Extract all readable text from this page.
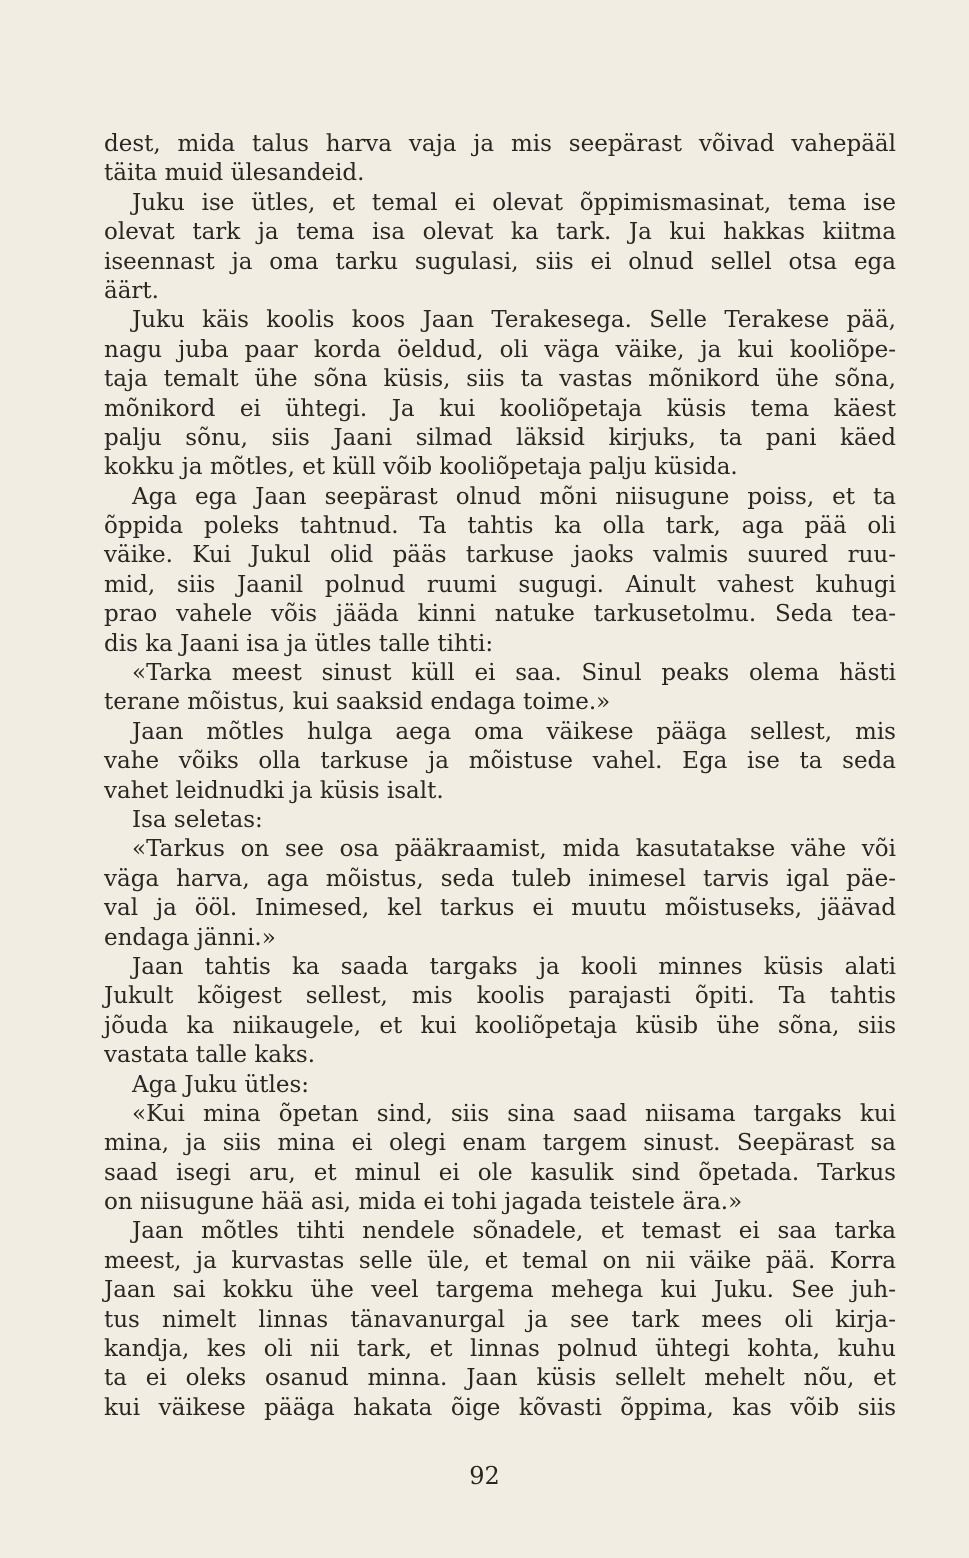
dest, mida talus harva vaja ja mis seepärast võivad vahepääl
täita muid ülesandeid.
Juku ise ütles, et temal ei olevat õppimismasinat, tema ise
olevat tark ja tema isa olevat ka tark. Ja kui hakkas kiitma
iseennast ja oma tarku sugulasi, siis ei olnud sellel otsa ega
äärt.
Juku käis koolis koos Jaan Terakesega. Selle Terakese pää,
nagu juba paar korda öeldud, oli väga väike, ja kui kooliõpe-
taja temalt ühe sõna küsis, siis ta vastas mõnikord ühe sõna,
mõnikord ei ühtegi. Ja kui kooliõpetaja küsis tema käest
palju sõnu, siis Jaani silmad läksid kirjuks, ta pani käed
kokku ja mõtles, et küll võib kooliõpetaja palju küsida.
Aga ega Jaan seepärast olnud mõni niisugune poiss, et ta
õppida poleks tahtnud. Ta tahtis ka olla tark, aga pää oli
väike. Kui Jukul olid pääs tarkuse jaoks valmis suured ruu-
mid, siis Jaanil polnud ruumi sugugi. Ainult vahest kuhugi
prao vahele võis jääda kinni natuke tarkusetolmu. Seda tea-
dis ka Jaani isa ja ütles talle tihti:
«Tarka meest sinust küll ei saa. Sinul peaks olema hästi
terane mõistus, kui saaksid endaga toime.»
Jaan mõtles hulga aega oma väikese pääga sellest, mis
vahe võiks olla tarkuse ja mõistuse vahel. Ega ise ta seda
vahet leidnudki ja küsis isalt.
Isa seletas:
«Tarkus on see osa pääkraamist, mida kasutatakse vähe või
väga harva, aga mõistus, seda tuleb inimesel tarvis igal päe-
val ja ööl. Inimesed, kel tarkus ei muutu mõistuseks, jäävad
endaga jänni.»
Jaan tahtis ka saada targaks ja kooli minnes küsis alati
Jukult kõigest sellest, mis koolis parajasti õpiti. Ta tahtis
jõuda ka niikaugele, et kui kooliõpetaja küsib ühe sõna, siis
vastata talle kaks.
Aga Juku ütles:
«Kui mina õpetan sind, siis sina saad niisama targaks kui
mina, ja siis mina ei olegi enam targem sinust. Seepärast sa
saad isegi aru, et minul ei ole kasulik sind õpetada. Tarkus
on niisugune hää asi, mida ei tohi jagada teistele ära.»
Jaan mõtles tihti nendele sõnadele, et temast ei saa tarka
meest, ja kurvastas selle üle, et temal on nii väike pää. Korra
Jaan sai kokku ühe veel targema mehega kui Juku. See juh-
tus nimelt linnas tänavanurgal ja see tark mees oli kirja-
kandja, kes oli nii tark, et linnas polnud ühtegi kohta, kuhu
ta ei oleks osanud minna. Jaan küsis sellelt mehelt nõu, et
kui väikese pääga hakata õige kõvasti õppima, kas võib siis
92
